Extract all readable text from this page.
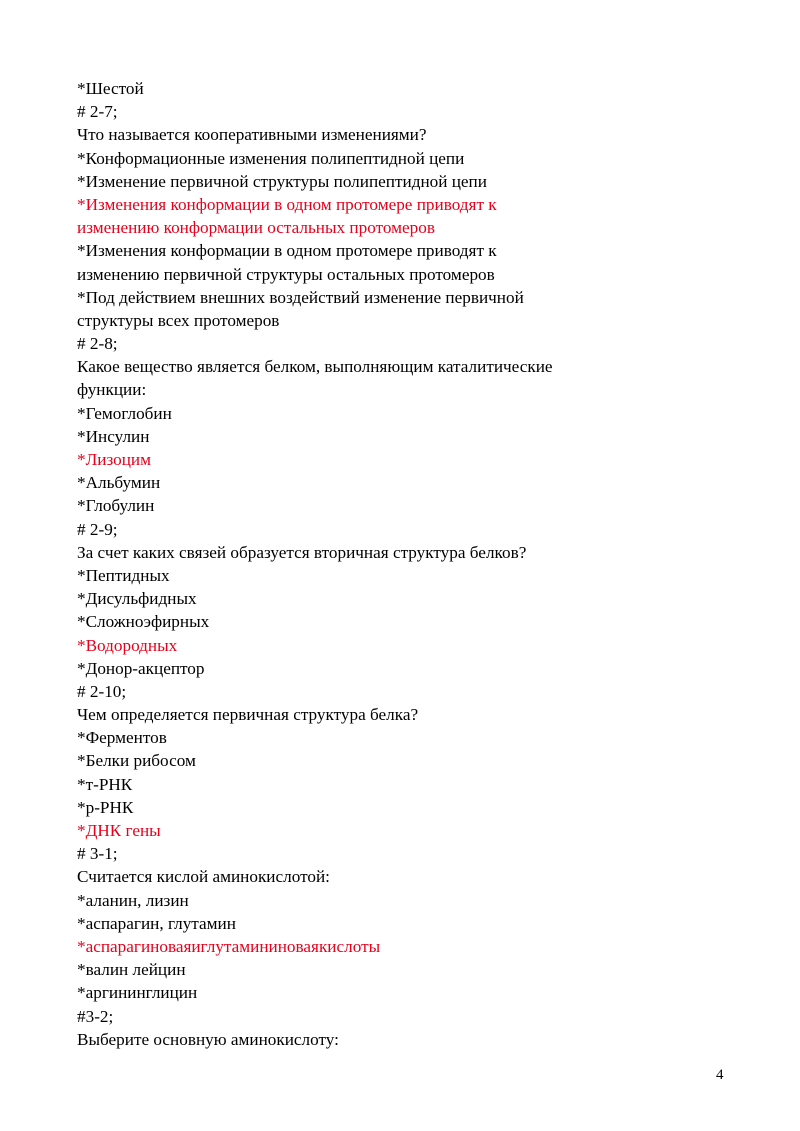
*Шестой
# 2-7;
Что называется кооперативными изменениями?
*Конформационные изменения полипептидной цепи
*Изменение первичной структуры полипептидной цепи
*Изменения конформации в одном протомере приводят к
изменению конформации остальных протомеров
*Изменения конформации в одном протомере приводят к
изменению первичной структуры остальных протомеров
*Под действием внешних воздействий изменение первичной
структуры всех протомеров
# 2-8;
Какое вещество является белком, выполняющим каталитические
функции:
*Гемоглобин
*Инсулин
*Лизоцим
*Альбумин
*Глобулин
# 2-9;
За счет каких связей образуется вторичная структура белков?
*Пептидных
*Дисульфидных
*Сложноэфирных
*Водородных
*Донор-акцептор
# 2-10;
Чем определяется первичная структура белка?
*Ферментов
*Белки рибосом
*т-РНК
*р-РНК
*ДНК гены
# 3-1;
Считается кислой аминокислотой:
*аланин, лизин
*аспарагин, глутамин
*аспарагиноваяиглутамининоваякислоты
*валин лейцин
*аргининглицин
#3-2;
Выберите основную аминокислоту:
4
